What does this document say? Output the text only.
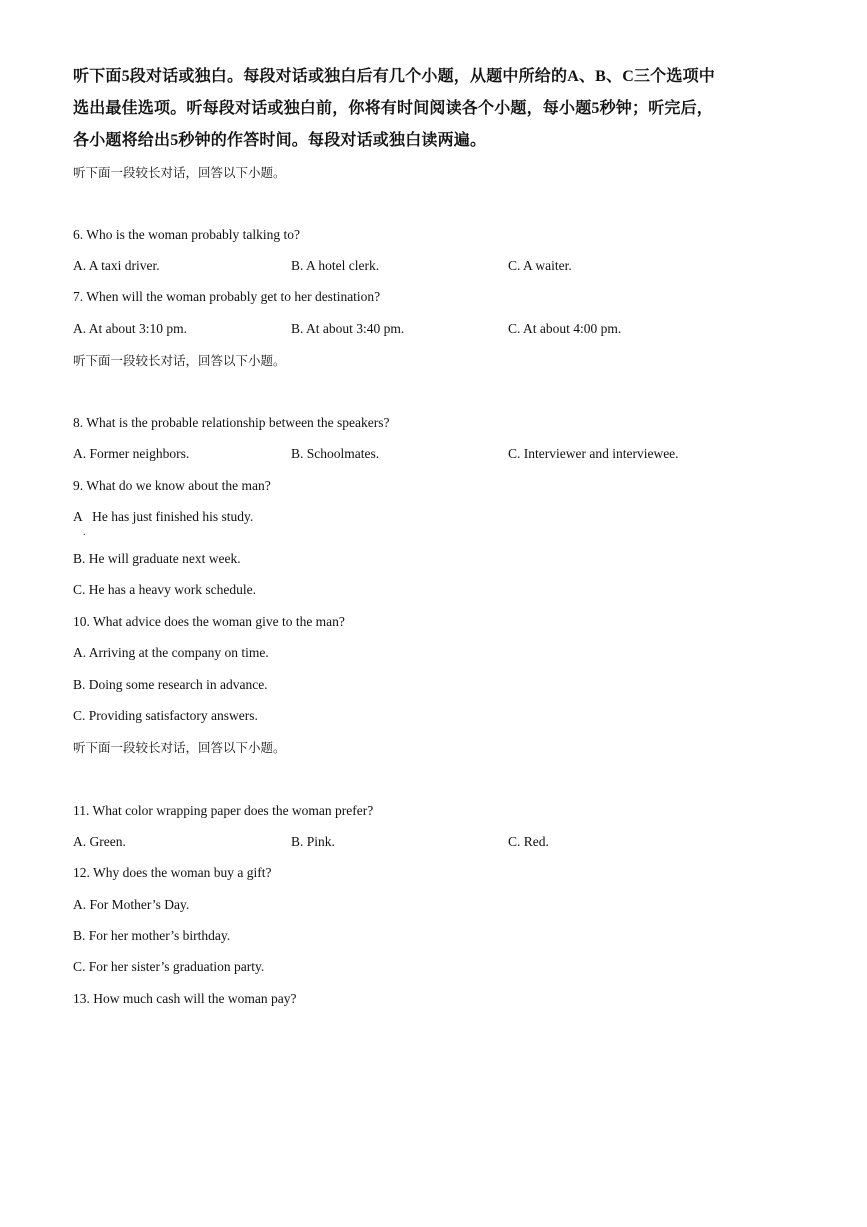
听下面5段对话或独白。每段对话或独白后有几个小题，从题中所给的A、B、C三个选项中
选出最佳选项。听每段对话或独白前，你将有时间阅读各个小题，每小题5秒钟；听完后，
各小题将给出5秒钟的作答时间。每段对话或独白读两遍。
听下面一段较长对话，回答以下小题。
6. Who is the woman probably talking to?
A. A taxi driver.	B. A hotel clerk.	C. A waiter.
7. When will the woman probably get to her destination?
A. At about 3:10 pm.	B. At about 3:40 pm.	C. At about 4:00 pm.
听下面一段较长对话，回答以下小题。
8. What is the probable relationship between the speakers?
A. Former neighbors.	B. Schoolmates.	C. Interviewer and interviewee.
9. What do we know about the man?
A   He has just finished his study.
.
B. He will graduate next week.
C. He has a heavy work schedule.
10. What advice does the woman give to the man?
A. Arriving at the company on time.
B. Doing some research in advance.
C. Providing satisfactory answers.
听下面一段较长对话，回答以下小题。
11. What color wrapping paper does the woman prefer?
A. Green.	B. Pink.	C. Red.
12. Why does the woman buy a gift?
A. For Mother’s Day.
B. For her mother’s birthday.
C. For her sister’s graduation party.
13. How much cash will the woman pay?
